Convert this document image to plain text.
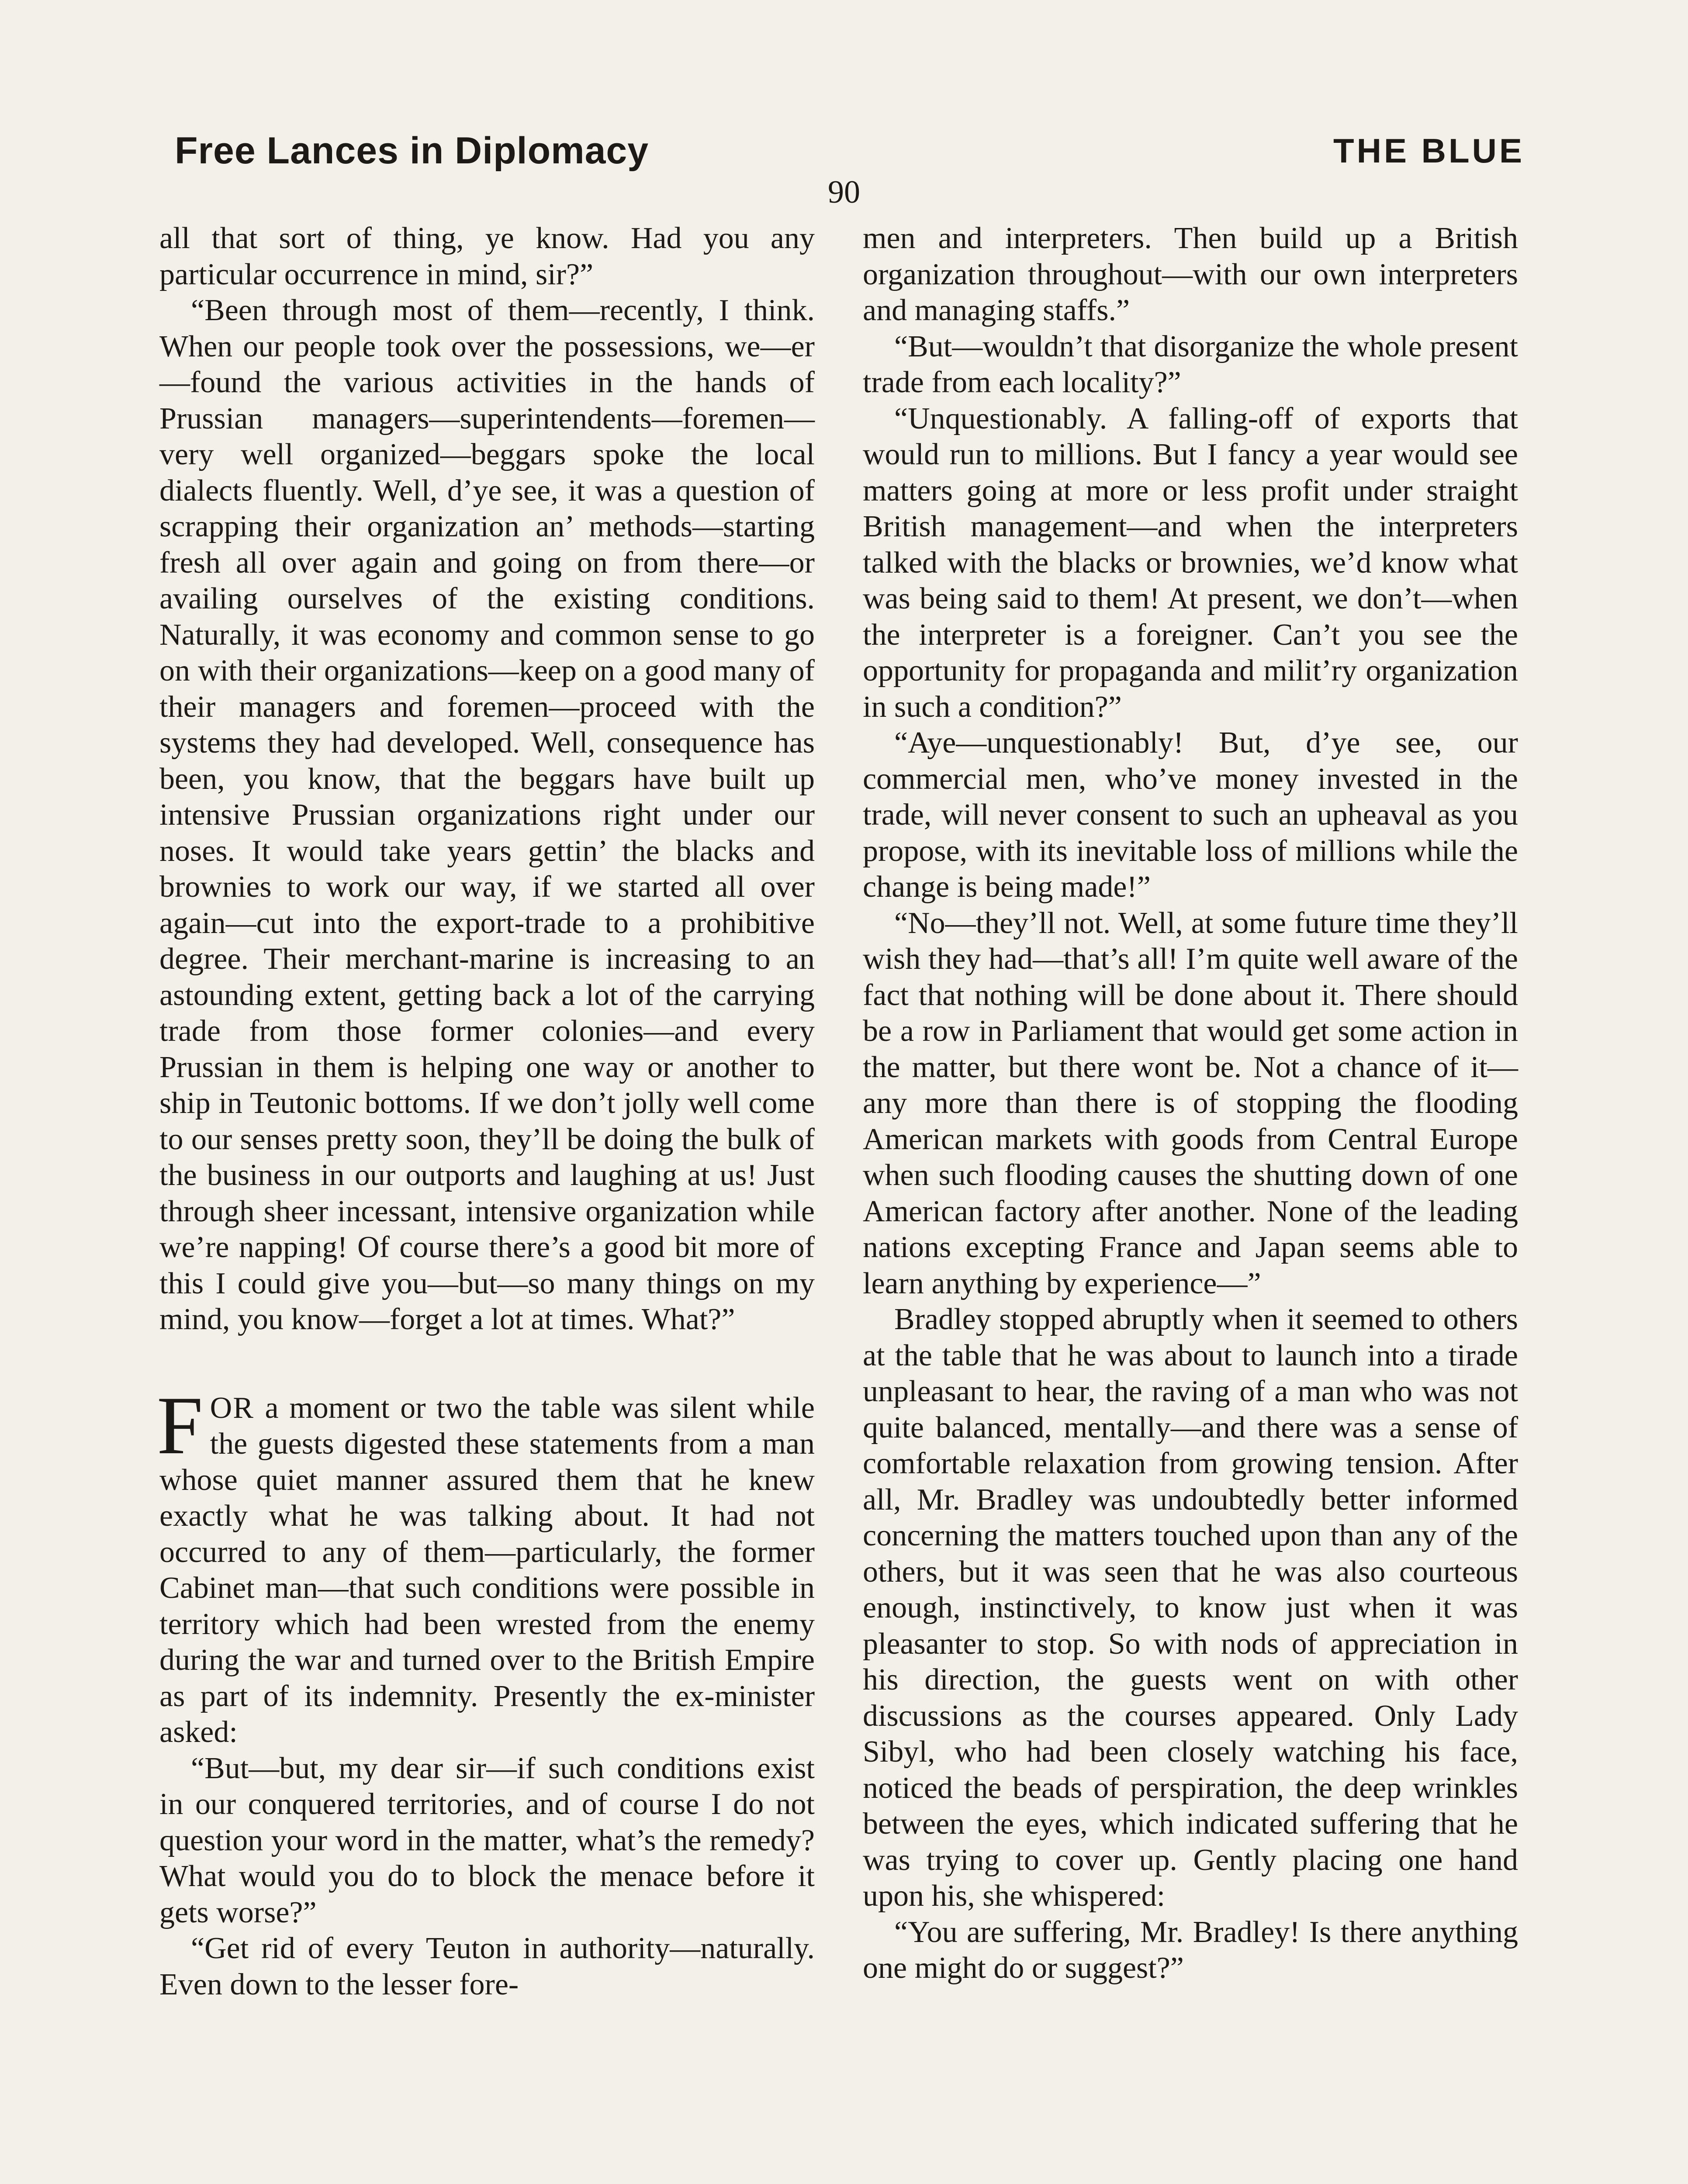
Free Lances in Diplomacy	THE BLUE
90

all that sort of thing, ye know. Had you any particular occurrence in mind, sir?”

“Been through most of them—recently, I think. When our people took over the possessions, we—er—found the various activities in the hands of Prussian managers—superintendents—foremen—very well organized—beggars spoke the local dialects fluently. Well, d’ye see, it was a question of scrapping their organization an’ methods—starting fresh all over again and going on from there—or availing ourselves of the existing conditions. Naturally, it was economy and common sense to go on with their organizations—keep on a good many of their managers and foremen—proceed with the systems they had developed. Well, consequence has been, you know, that the beggars have built up intensive Prussian organizations right under our noses. It would take years gettin’ the blacks and brownies to work our way, if we started all over again—cut into the export-trade to a prohibitive degree. Their merchant-marine is increasing to an astounding extent, getting back a lot of the carrying trade from those former colonies—and every Prussian in them is helping one way or another to ship in Teutonic bottoms. If we don’t jolly well come to our senses pretty soon, they’ll be doing the bulk of the business in our outports and laughing at us! Just through sheer incessant, intensive organization while we’re napping! Of course there’s a good bit more of this I could give you—but—so many things on my mind, you know—forget a lot at times. What?”

FOR a moment or two the table was silent while the guests digested these statements from a man whose quiet manner assured them that he knew exactly what he was talking about. It had not occurred to any of them—particularly, the former Cabinet man—that such conditions were possible in territory which had been wrested from the enemy during the war and turned over to the British Empire as part of its indemnity. Presently the ex-minister asked:

“But—but, my dear sir—if such conditions exist in our conquered territories, and of course I do not question your word in the matter, what’s the remedy? What would you do to block the menace before it gets worse?”

“Get rid of every Teuton in authority—naturally. Even down to the lesser fore-

men and interpreters. Then build up a British organization throughout—with our own interpreters and managing staffs.”

“But—wouldn’t that disorganize the whole present trade from each locality?”

“Unquestionably. A falling-off of exports that would run to millions. But I fancy a year would see matters going at more or less profit under straight British management—and when the interpreters talked with the blacks or brownies, we’d know what was being said to them! At present, we don’t—when the interpreter is a foreigner. Can’t you see the opportunity for propaganda and milit’ry organization in such a condition?”

“Aye—unquestionably! But, d’ye see, our commercial men, who’ve money invested in the trade, will never consent to such an upheaval as you propose, with its inevitable loss of millions while the change is being made!”

“No—they’ll not. Well, at some future time they’ll wish they had—that’s all! I’m quite well aware of the fact that nothing will be done about it. There should be a row in Parliament that would get some action in the matter, but there wont be. Not a chance of it—any more than there is of stopping the flooding American markets with goods from Central Europe when such flooding causes the shutting down of one American factory after another. None of the leading nations excepting France and Japan seems able to learn anything by experience—”

Bradley stopped abruptly when it seemed to others at the table that he was about to launch into a tirade unpleasant to hear, the raving of a man who was not quite balanced, mentally—and there was a sense of comfortable relaxation from growing tension. After all, Mr. Bradley was undoubtedly better informed concerning the matters touched upon than any of the others, but it was seen that he was also courteous enough, instinctively, to know just when it was pleasanter to stop. So with nods of appreciation in his direction, the guests went on with other discussions as the courses appeared. Only Lady Sibyl, who had been closely watching his face, noticed the beads of perspiration, the deep wrinkles between the eyes, which indicated suffering that he was trying to cover up. Gently placing one hand upon his, she whispered:

“You are suffering, Mr. Bradley! Is there anything one might do or suggest?”
